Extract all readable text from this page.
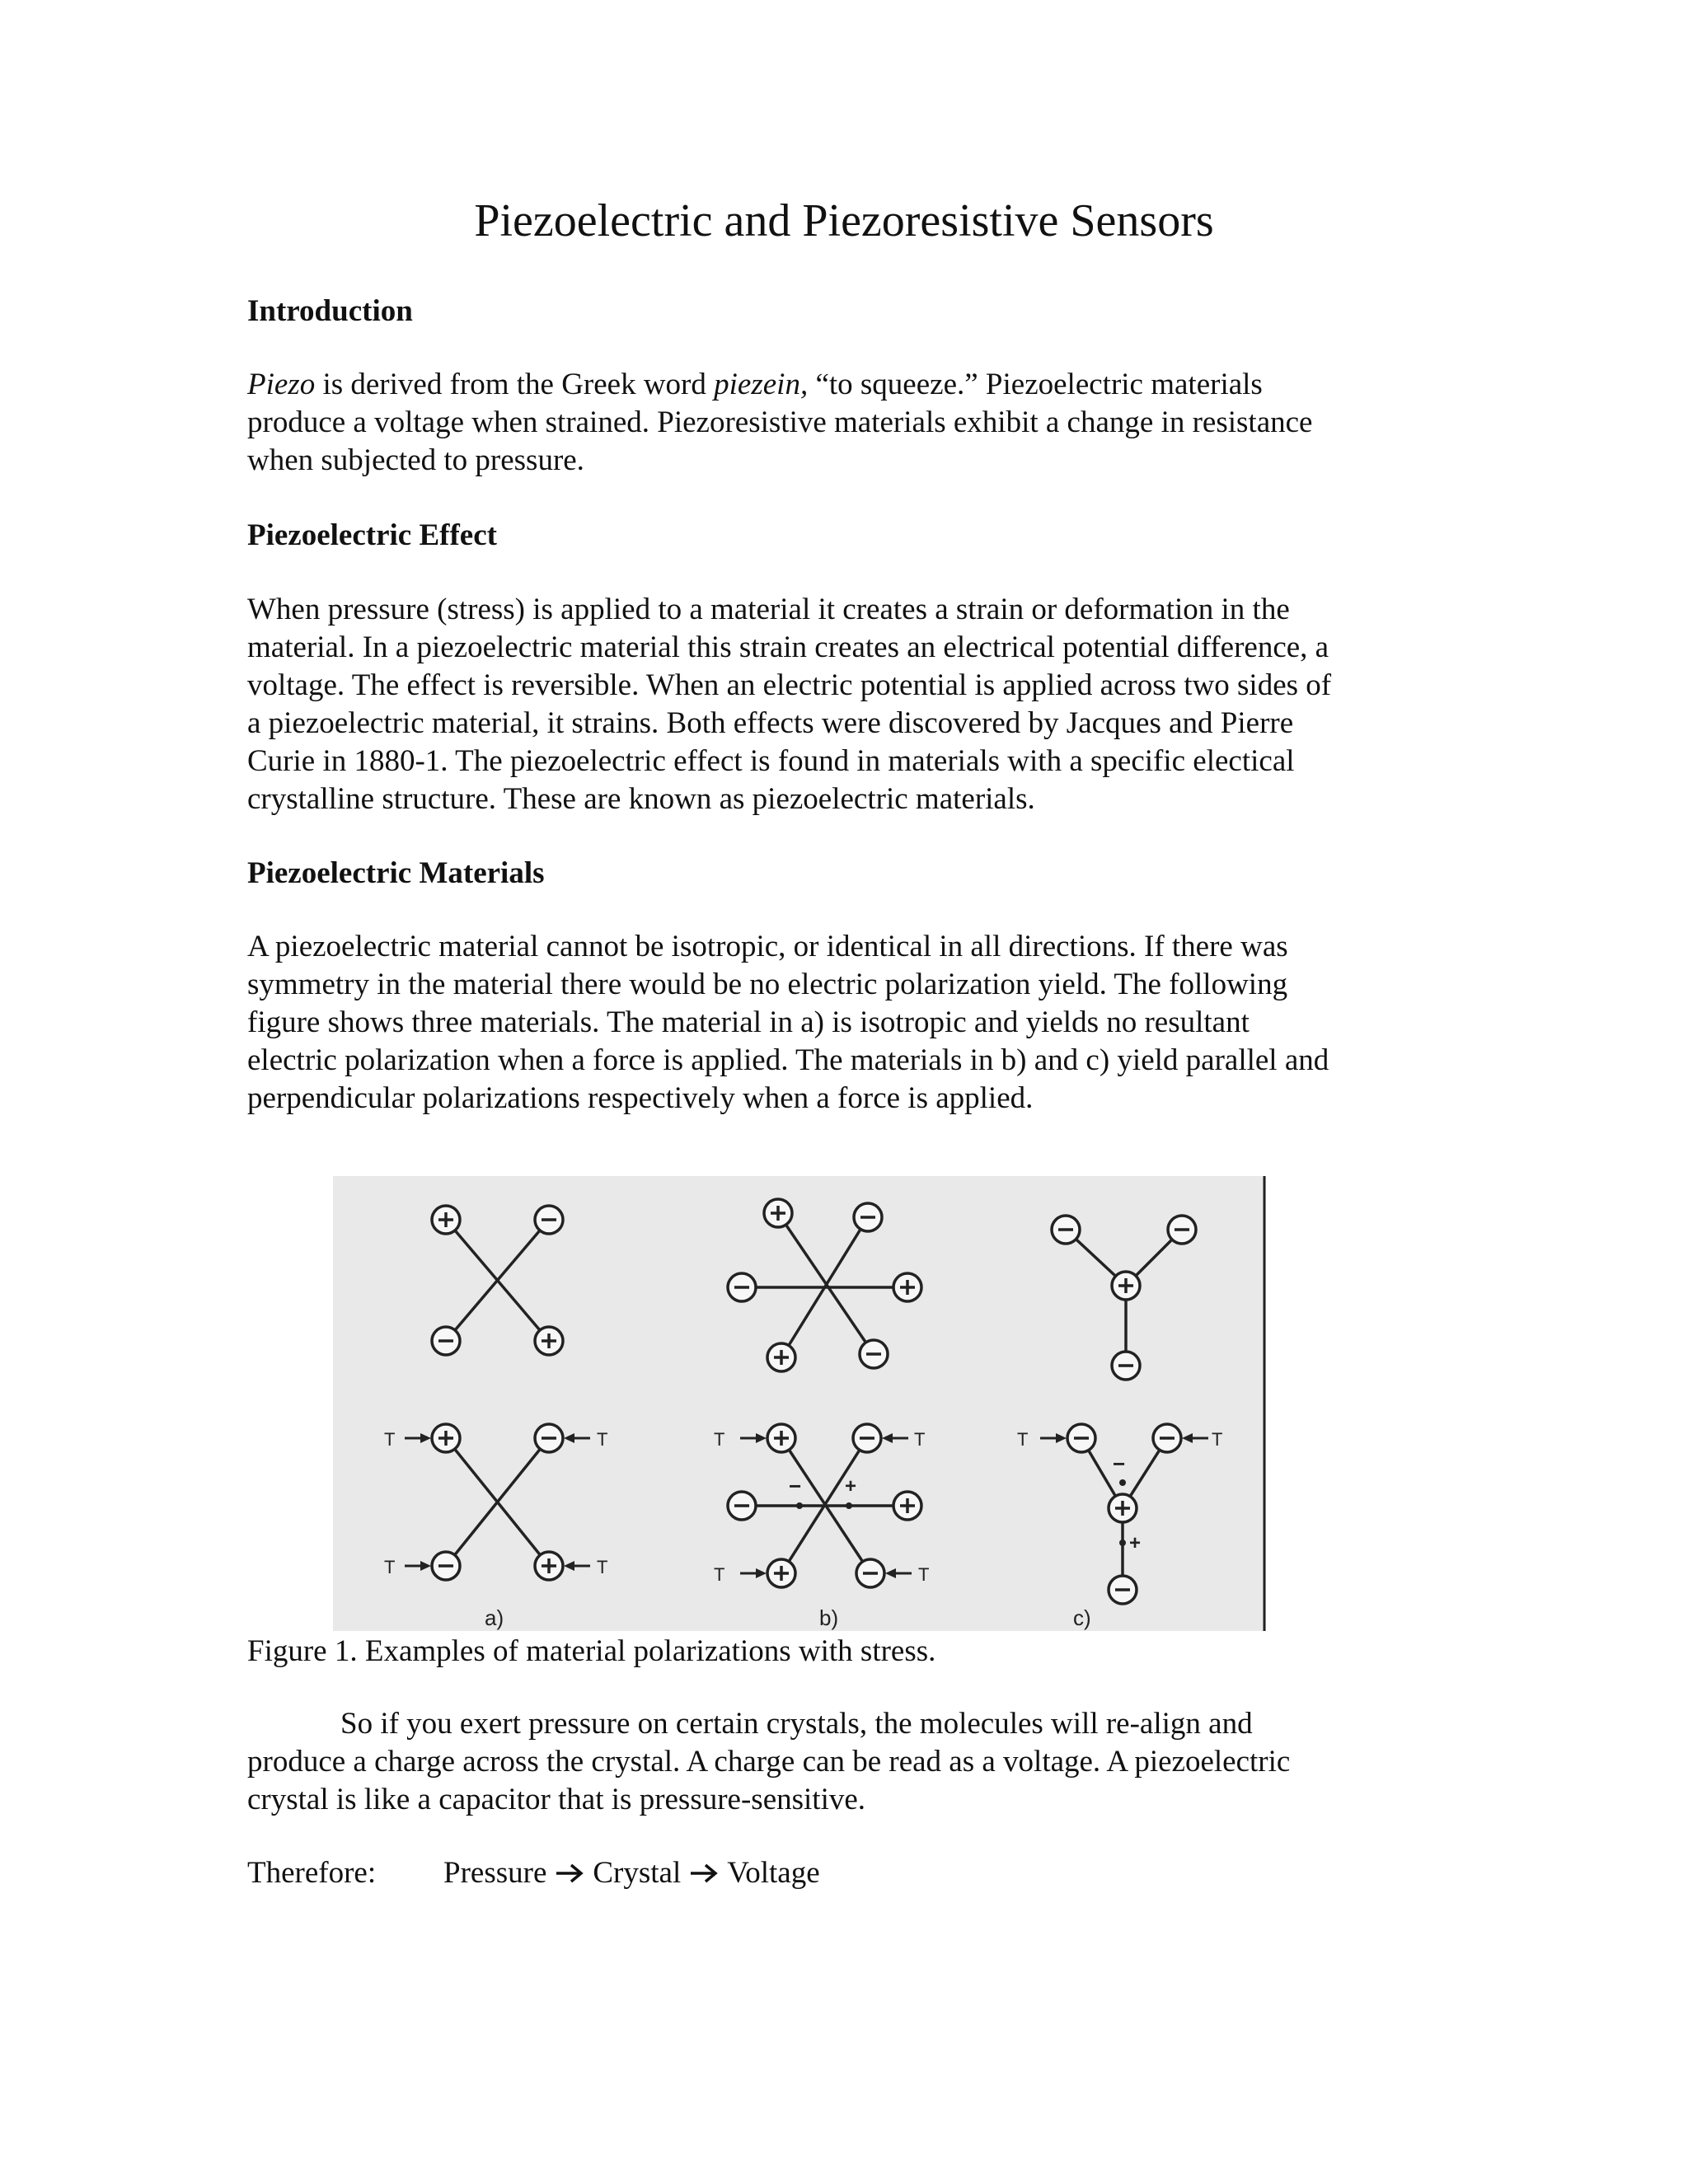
Piezoelectric and Piezoresistive Sensors
Introduction
Piezo is derived from the Greek word piezein, “to squeeze.” Piezoelectric materials
produce a voltage when strained. Piezoresistive materials exhibit a change in resistance
when subjected to pressure.
Piezoelectric Effect
When pressure (stress) is applied to a material it creates a strain or deformation in the
material. In a piezoelectric material this strain creates an electrical potential difference, a
voltage. The effect is reversible. When an electric potential is applied across two sides of
a piezoelectric material, it strains. Both effects were discovered by Jacques and Pierre
Curie in 1880-1. The piezoelectric effect is found in materials with a specific electical
crystalline structure. These are known as piezoelectric materials.
Piezoelectric Materials
A piezoelectric material cannot be isotropic, or identical in all directions. If there was
symmetry in the material there would be no electric polarization yield. The following
figure shows three materials. The material in a) is isotropic and yields no resultant
electric polarization when a force is applied. The materials in b) and c) yield parallel and
perpendicular polarizations respectively when a force is applied.
T	T
T	T
T	T
T	T
T	T
− +
−
+
a)	b)	c)

Figure 1. Examples of material polarizations with stress.

So if you exert pressure on certain crystals, the molecules will re-align and
produce a charge across the crystal. A charge can be read as a voltage. A piezoelectric
crystal is like a capacitor that is pressure-sensitive.

Therefore: Pressure Crystal Voltage
